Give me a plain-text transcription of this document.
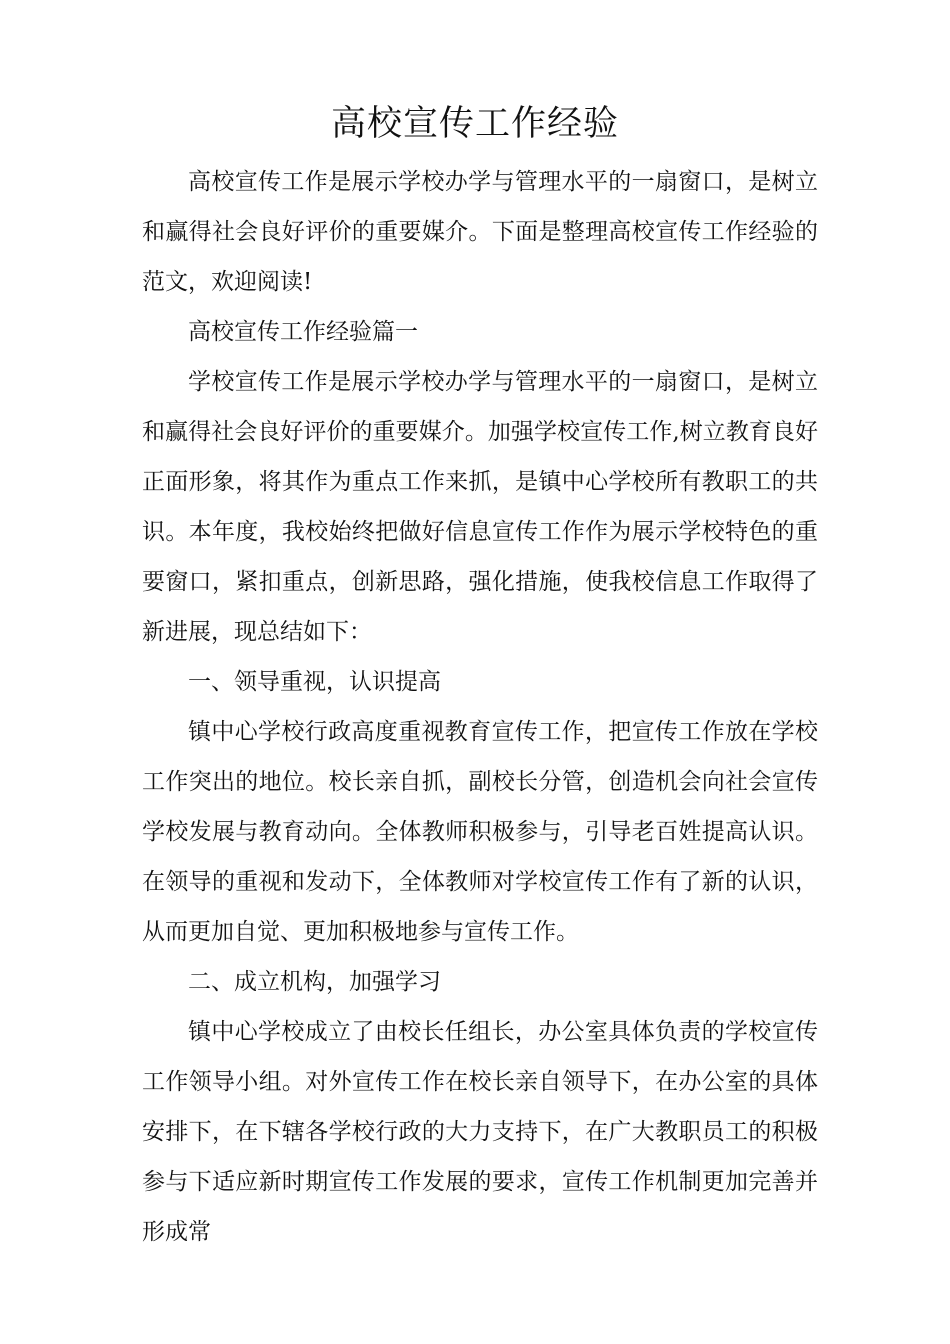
高校宣传工作经验

高校宣传工作是展示学校办学与管理水平的一扇窗口，是树立和赢得社会良好评价的重要媒介。下面是整理高校宣传工作经验的范文，欢迎阅读!

高校宣传工作经验篇一

学校宣传工作是展示学校办学与管理水平的一扇窗口，是树立和赢得社会良好评价的重要媒介。加强学校宣传工作,树立教育良好正面形象，将其作为重点工作来抓，是镇中心学校所有教职工的共识。本年度，我校始终把做好信息宣传工作作为展示学校特色的重要窗口，紧扣重点，创新思路，强化措施，使我校信息工作取得了新进展，现总结如下：

一、领导重视，认识提高

镇中心学校行政高度重视教育宣传工作，把宣传工作放在学校工作突出的地位。校长亲自抓，副校长分管，创造机会向社会宣传学校发展与教育动向。全体教师积极参与，引导老百姓提高认识。在领导的重视和发动下，全体教师对学校宣传工作有了新的认识，从而更加自觉、更加积极地参与宣传工作。

二、成立机构，加强学习

镇中心学校成立了由校长任组长，办公室具体负责的学校宣传工作领导小组。对外宣传工作在校长亲自领导下，在办公室的具体安排下，在下辖各学校行政的大力支持下，在广大教职员工的积极参与下适应新时期宣传工作发展的要求，宣传工作机制更加完善并形成常
